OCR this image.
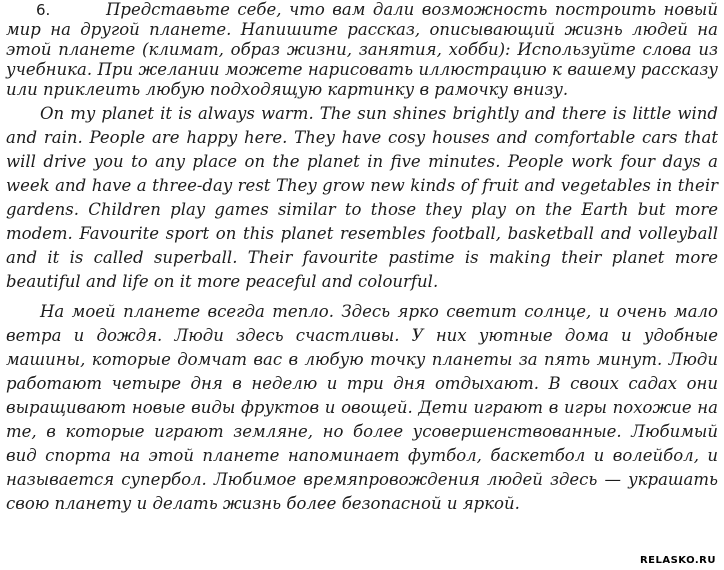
6.	Представьте себе, что вам дали возможность построить новый мир на другой планете. Напишите рассказ, описывающий жизнь людей на этой планете (климат, образ жизни, занятия, хобби): Используйте слова из учебника. При желании можете нарисовать иллюстрацию к вашему рассказу или приклеить любую подходящую картинку в рамочку внизу.

On my planet it is always warm. The sun shines brightly and there is little wind and rain. People are happy here. They have cosy houses and comfortable cars that will drive you to any place on the planet in five minutes. People work four days a week and have a three-day rest They grow new kinds of fruit and vegetables in their gardens. Children play games similar to those they play on the Earth but more modem. Favourite sport on this planet resembles football, basketball and volleyball and it is called superball. Their favourite pastime is making their planet more beautiful and life on it more peaceful and colourful.

На моей планете всегда тепло. Здесь ярко светит солнце, и очень мало ветра и дождя. Люди здесь счастливы. У них уютные дома и удобные машины, которые домчат вас в любую точку планеты за пять минут. Люди работают четыре дня в неделю и три дня отдыхают. В своих садах они выращивают новые виды фруктов и овощей. Дети играют в игры похожие на те, в которые играют земляне, но более усовершенствованные. Любимый вид спорта на этой планете напоминает футбол, баскетбол и волейбол, и называется супербол. Любимое времяпровождения людей здесь — украшать свою планету и делать жизнь более безопасной и яркой.

RELASKO.RU
